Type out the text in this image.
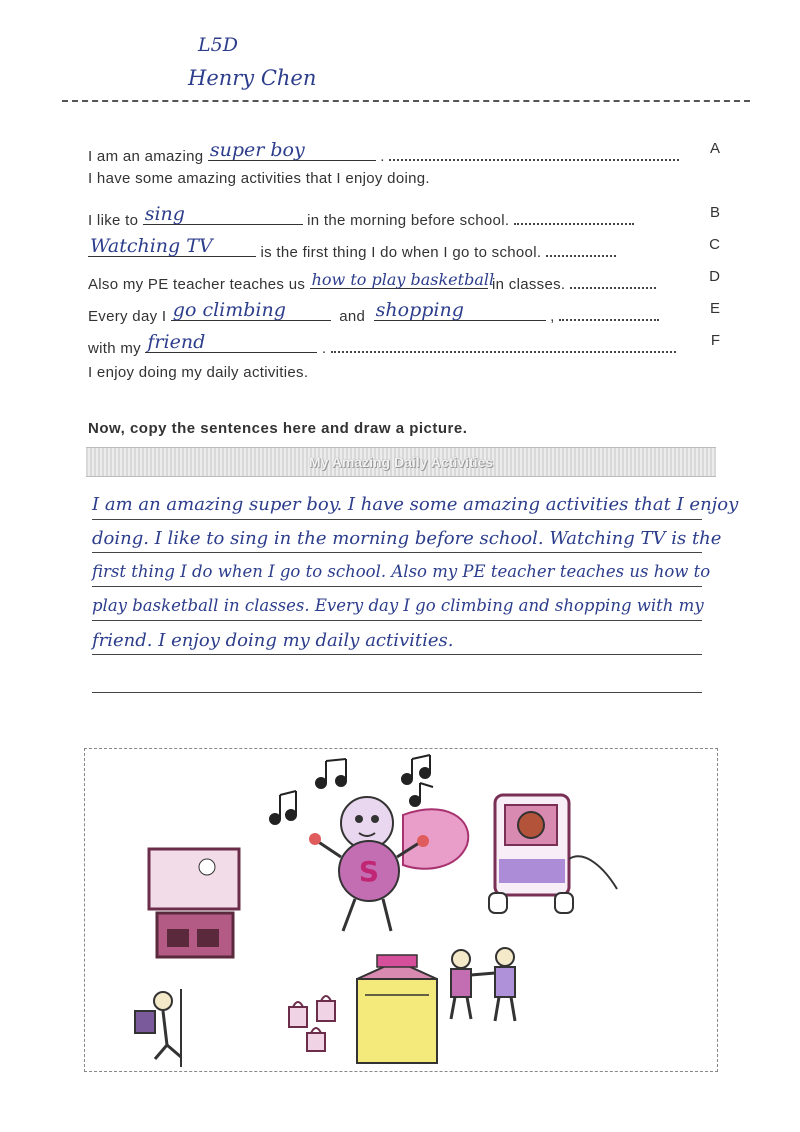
L5D
Henry Chen
I am an amazing super boy	.	A
I have some amazing activities that I enjoy doing.
I like to sing	in the morning before school.	B
Watching TV	is the first thing I do when I go to school.	C
Also my PE teacher teaches us how to play basketball
in classes.	D
Every day I go climbing	and shopping	,	E
with my friend	.	F
I enjoy doing my daily activities.
Now, copy the sentences here and draw a picture.
My Amazing Daily Activities
I am an amazing super boy. I have some amazing activities that I enjoy
doing. I like to sing in the morning before school. Watching TV is the
first thing I do when I go to school. Also my PE teacher teaches us how to
play basketball in classes. Every day I go climbing and shopping with my
friend. I enjoy doing my daily activities.
S
